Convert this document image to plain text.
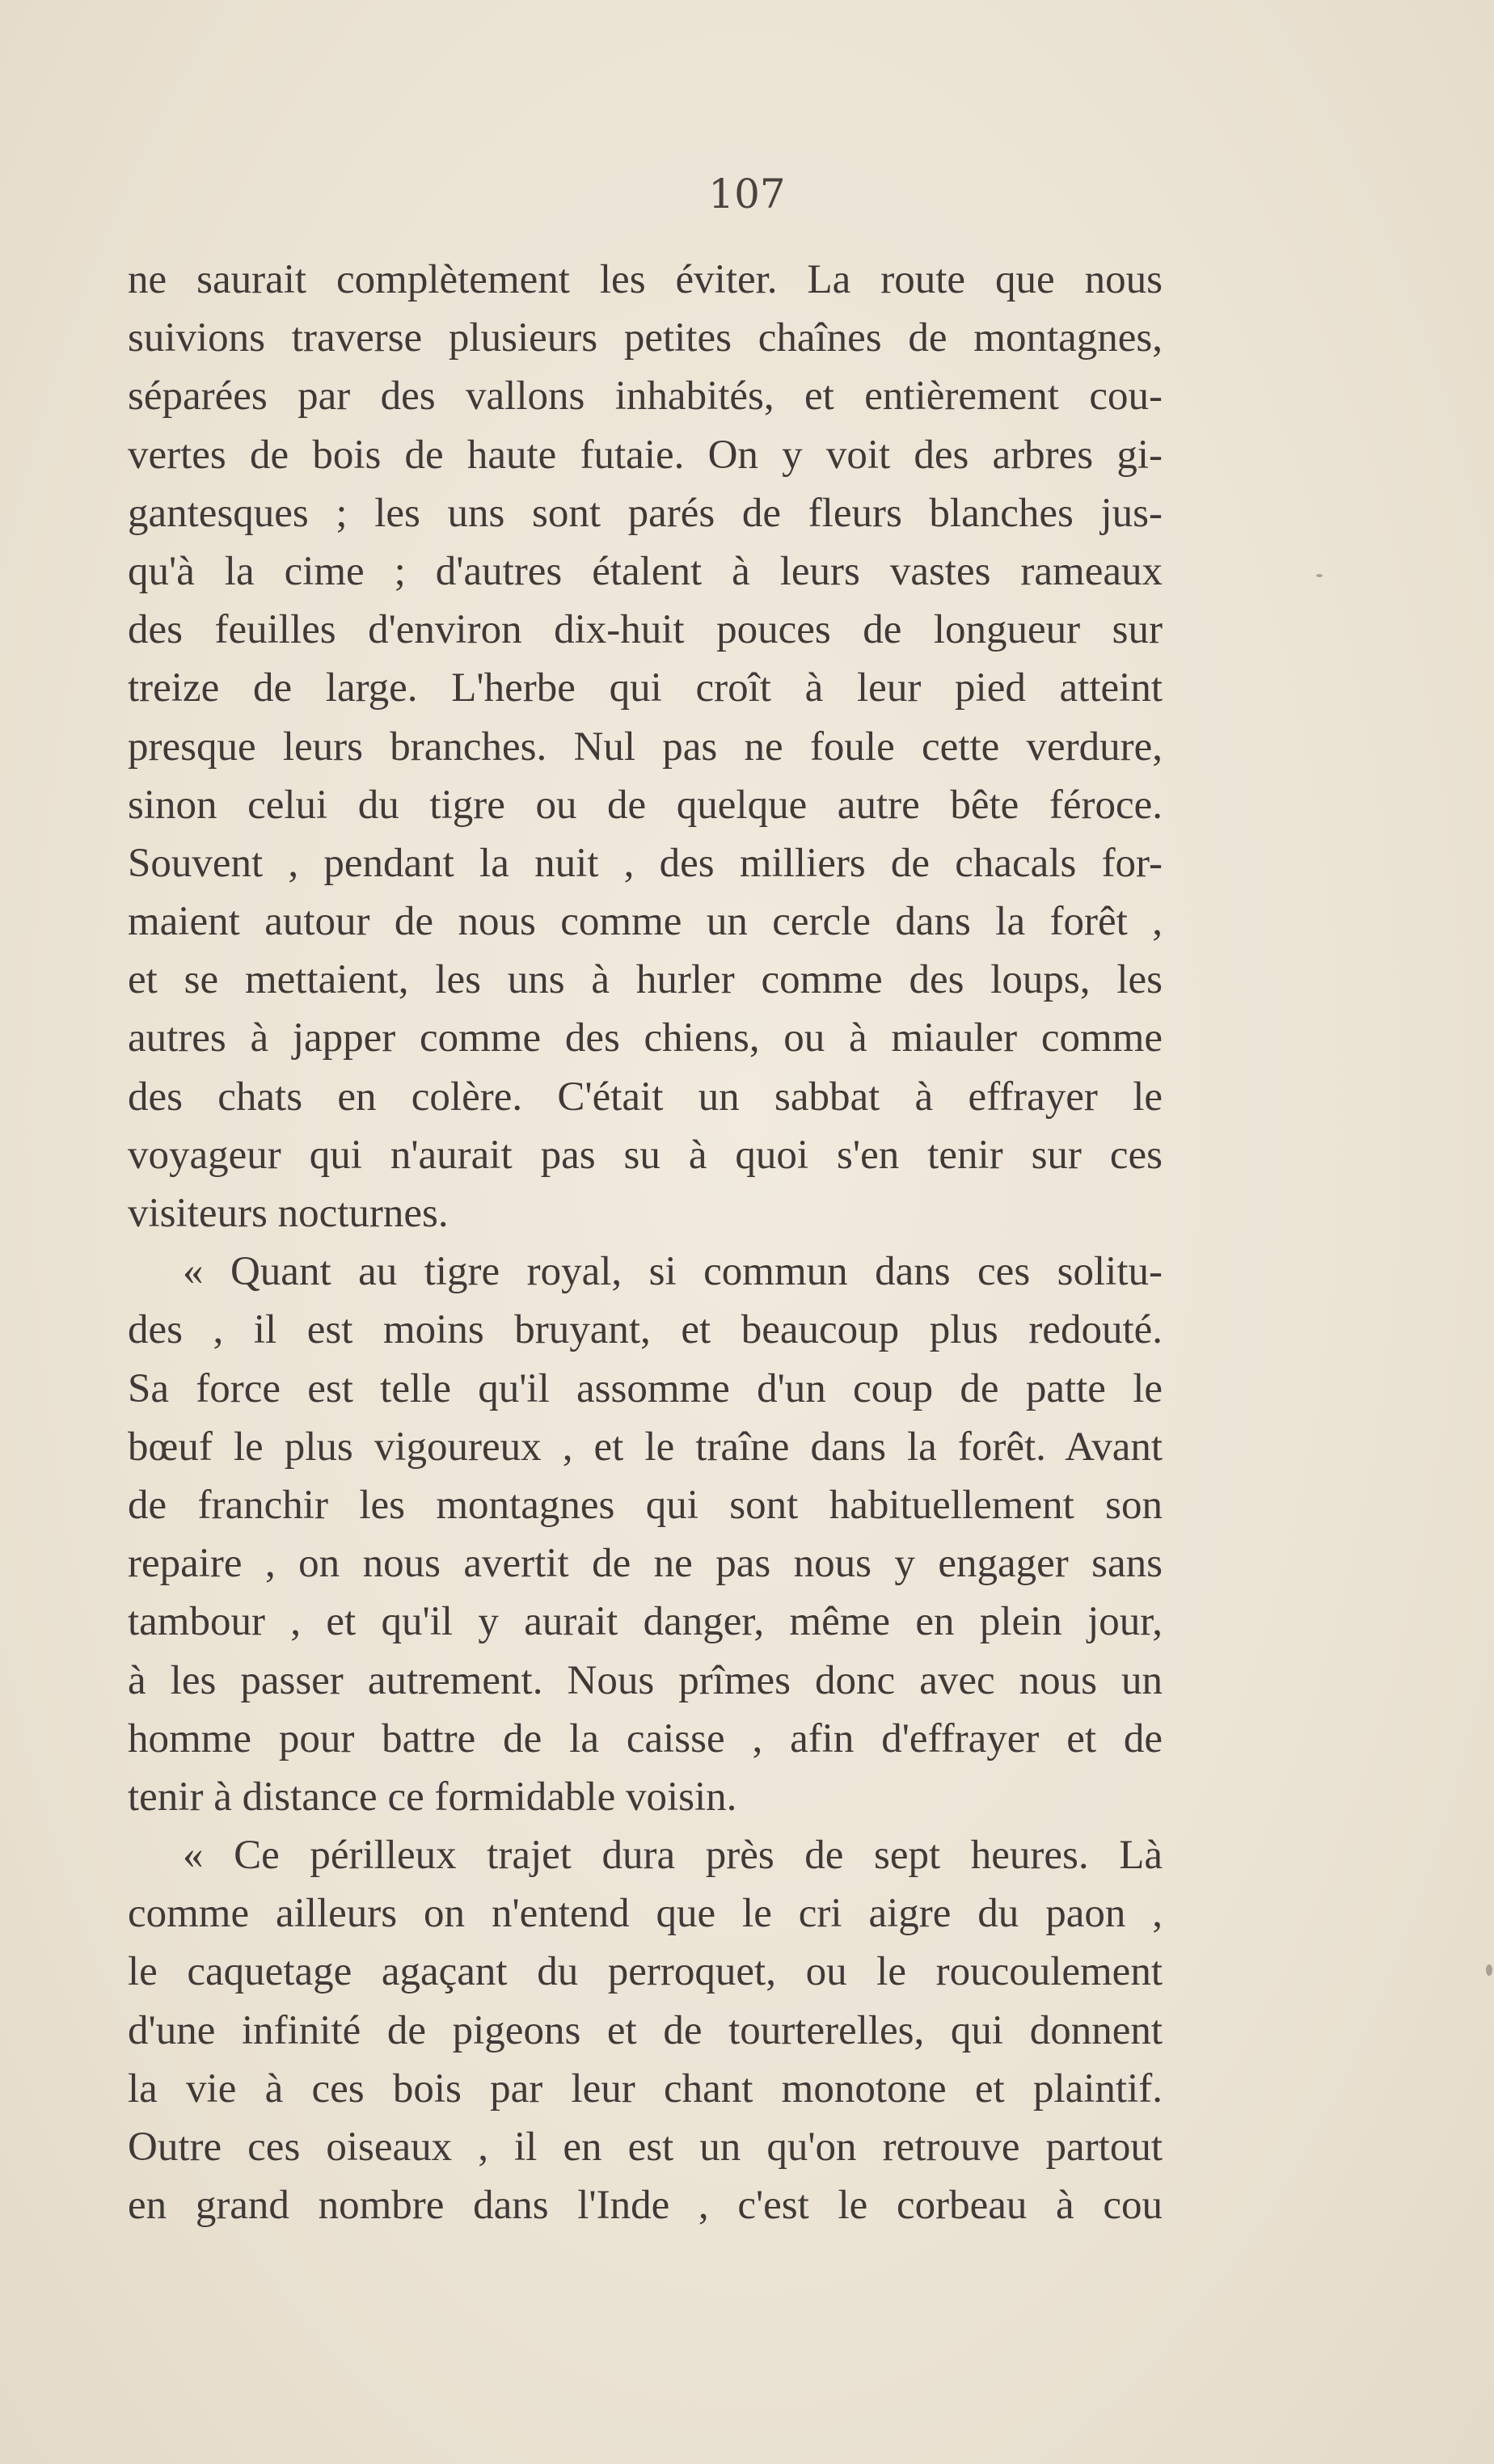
107
ne saurait complètement les éviter. La route que nous
suivions traverse plusieurs petites chaînes de montagnes,
séparées par des vallons inhabités, et entièrement cou-
vertes de bois de haute futaie. On y voit des arbres gi-
gantesques ; les uns sont parés de fleurs blanches jus-
qu'à la cime ; d'autres étalent à leurs vastes rameaux
des feuilles d'environ dix-huit pouces de longueur sur
treize de large. L'herbe qui croît à leur pied atteint
presque leurs branches. Nul pas ne foule cette verdure,
sinon celui du tigre ou de quelque autre bête féroce.
Souvent , pendant la nuit , des milliers de chacals for-
maient autour de nous comme un cercle dans la forêt ,
et se mettaient, les uns à hurler comme des loups, les
autres à japper comme des chiens, ou à miauler comme
des chats en colère. C'était un sabbat à effrayer le
voyageur qui n'aurait pas su à quoi s'en tenir sur ces
visiteurs nocturnes.
« Quant au tigre royal, si commun dans ces solitu-
des , il est moins bruyant, et beaucoup plus redouté.
Sa force est telle qu'il assomme d'un coup de patte le
bœuf le plus vigoureux , et le traîne dans la forêt. Avant
de franchir les montagnes qui sont habituellement son
repaire , on nous avertit de ne pas nous y engager sans
tambour , et qu'il y aurait danger, même en plein jour,
à les passer autrement. Nous prîmes donc avec nous un
homme pour battre de la caisse , afin d'effrayer et de
tenir à distance ce formidable voisin.
« Ce périlleux trajet dura près de sept heures. Là
comme ailleurs on n'entend que le cri aigre du paon ,
le caquetage agaçant du perroquet, ou le roucoulement
d'une infinité de pigeons et de tourterelles, qui donnent
la vie à ces bois par leur chant monotone et plaintif.
Outre ces oiseaux , il en est un qu'on retrouve partout
en grand nombre dans l'Inde , c'est le corbeau à cou
